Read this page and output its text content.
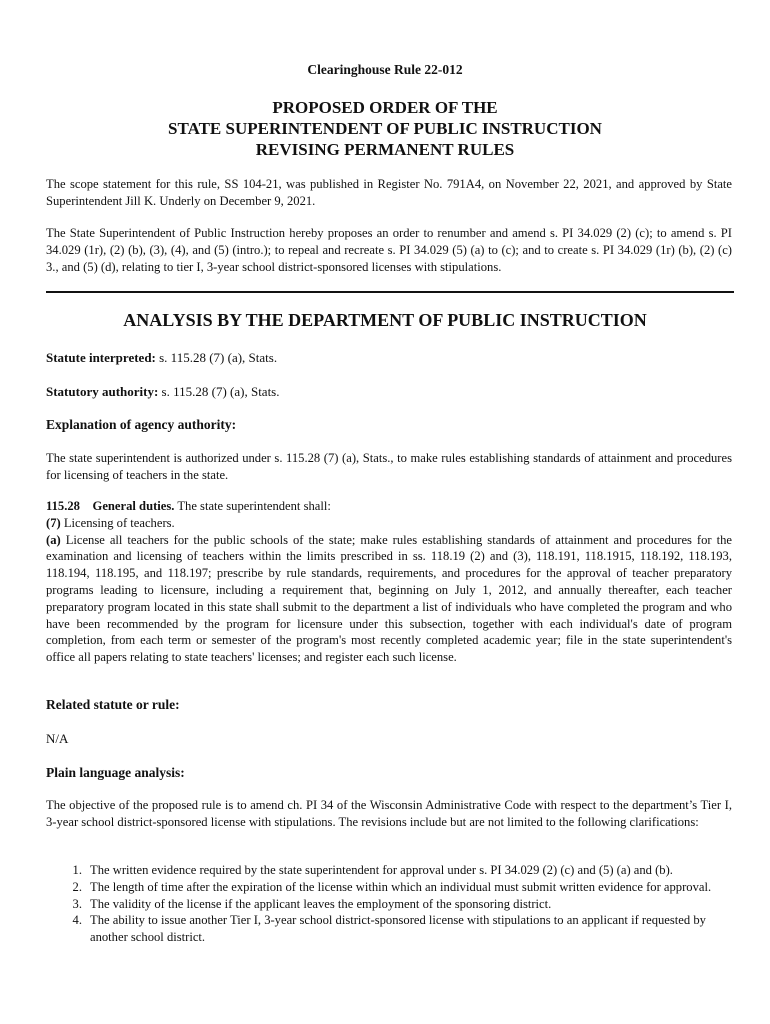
Clearinghouse Rule 22-012
PROPOSED ORDER OF THE
STATE SUPERINTENDENT OF PUBLIC INSTRUCTION
REVISING PERMANENT RULES
The scope statement for this rule, SS 104-21, was published in Register No. 791A4, on November 22, 2021, and approved by State Superintendent Jill K. Underly on December 9, 2021.
The State Superintendent of Public Instruction hereby proposes an order to renumber and amend s. PI 34.029 (2) (c); to amend s. PI 34.029 (1r), (2) (b), (3), (4), and (5) (intro.); to repeal and recreate s. PI 34.029 (5) (a) to (c); and to create s. PI 34.029 (1r) (b), (2) (c) 3., and (5) (d), relating to tier I, 3-year school district-sponsored licenses with stipulations.
ANALYSIS BY THE DEPARTMENT OF PUBLIC INSTRUCTION
Statute interpreted: s. 115.28 (7) (a), Stats.
Statutory authority: s. 115.28 (7) (a), Stats.
Explanation of agency authority:
The state superintendent is authorized under s. 115.28 (7) (a), Stats., to make rules establishing standards of attainment and procedures for licensing of teachers in the state.
115.28 General duties. The state superintendent shall:
(7) Licensing of teachers.
(a) License all teachers for the public schools of the state; make rules establishing standards of attainment and procedures for the examination and licensing of teachers within the limits prescribed in ss. 118.19 (2) and (3), 118.191, 118.1915, 118.192, 118.193, 118.194, 118.195, and 118.197; prescribe by rule standards, requirements, and procedures for the approval of teacher preparatory programs leading to licensure, including a requirement that, beginning on July 1, 2012, and annually thereafter, each teacher preparatory program located in this state shall submit to the department a list of individuals who have completed the program and who have been recommended by the program for licensure under this subsection, together with each individual's date of program completion, from each term or semester of the program's most recently completed academic year; file in the state superintendent's office all papers relating to state teachers' licenses; and register each such license.
Related statute or rule:
N/A
Plain language analysis:
The objective of the proposed rule is to amend ch. PI 34 of the Wisconsin Administrative Code with respect to the department’s Tier I, 3-year school district-sponsored license with stipulations. The revisions include but are not limited to the following clarifications:
1. The written evidence required by the state superintendent for approval under s. PI 34.029 (2) (c) and (5) (a) and (b).
2. The length of time after the expiration of the license within which an individual must submit written evidence for approval.
3. The validity of the license if the applicant leaves the employment of the sponsoring district.
4. The ability to issue another Tier I, 3-year school district-sponsored license with stipulations to an applicant if requested by another school district.
